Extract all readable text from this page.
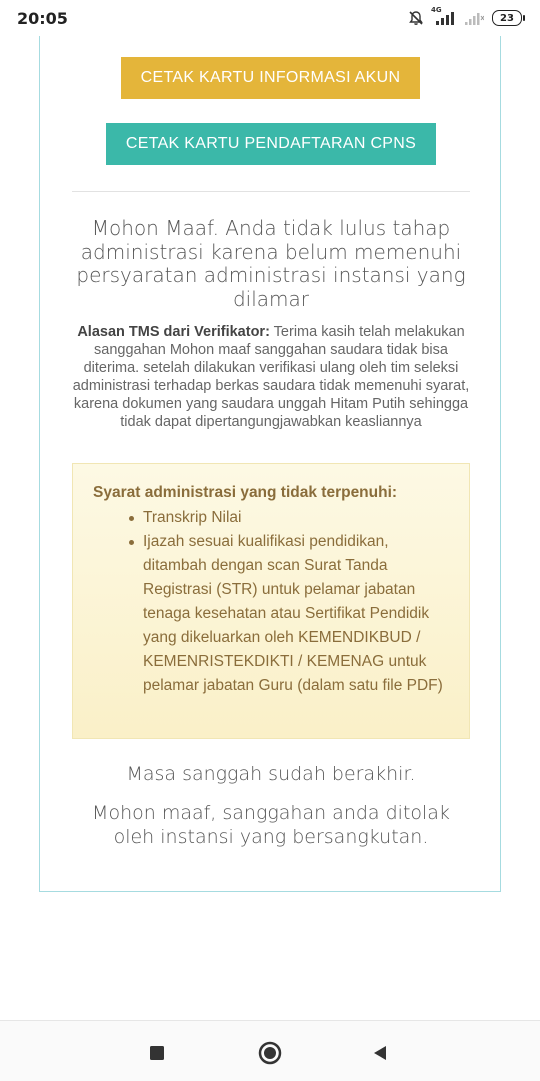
20:05	4G
23
CETAK KARTU INFORMASI AKUN
CETAK KARTU PENDAFTARAN CPNS
Mohon Maaf. Anda tidak lulus tahap administrasi karena belum memenuhi persyaratan administrasi instansi yang dilamar
Alasan TMS dari Verifikator: Terima kasih telah melakukan sanggahan Mohon maaf sanggahan saudara tidak bisa diterima. setelah dilakukan verifikasi ulang oleh tim seleksi administrasi terhadap berkas saudara tidak memenuhi syarat, karena dokumen yang saudara unggah Hitam Putih sehingga tidak dapat dipertangungjawabkan keasliannya
Syarat administrasi yang tidak terpenuhi:
Transkrip Nilai
Ijazah sesuai kualifikasi pendidikan, ditambah dengan scan Surat Tanda Registrasi (STR) untuk pelamar jabatan tenaga kesehatan atau Sertifikat Pendidik yang dikeluarkan oleh KEMENDIKBUD / KEMENRISTEKDIKTI / KEMENAG untuk pelamar jabatan Guru (dalam satu file PDF)
Masa sanggah sudah berakhir.
Mohon maaf, sanggahan anda ditolak oleh instansi yang bersangkutan.
